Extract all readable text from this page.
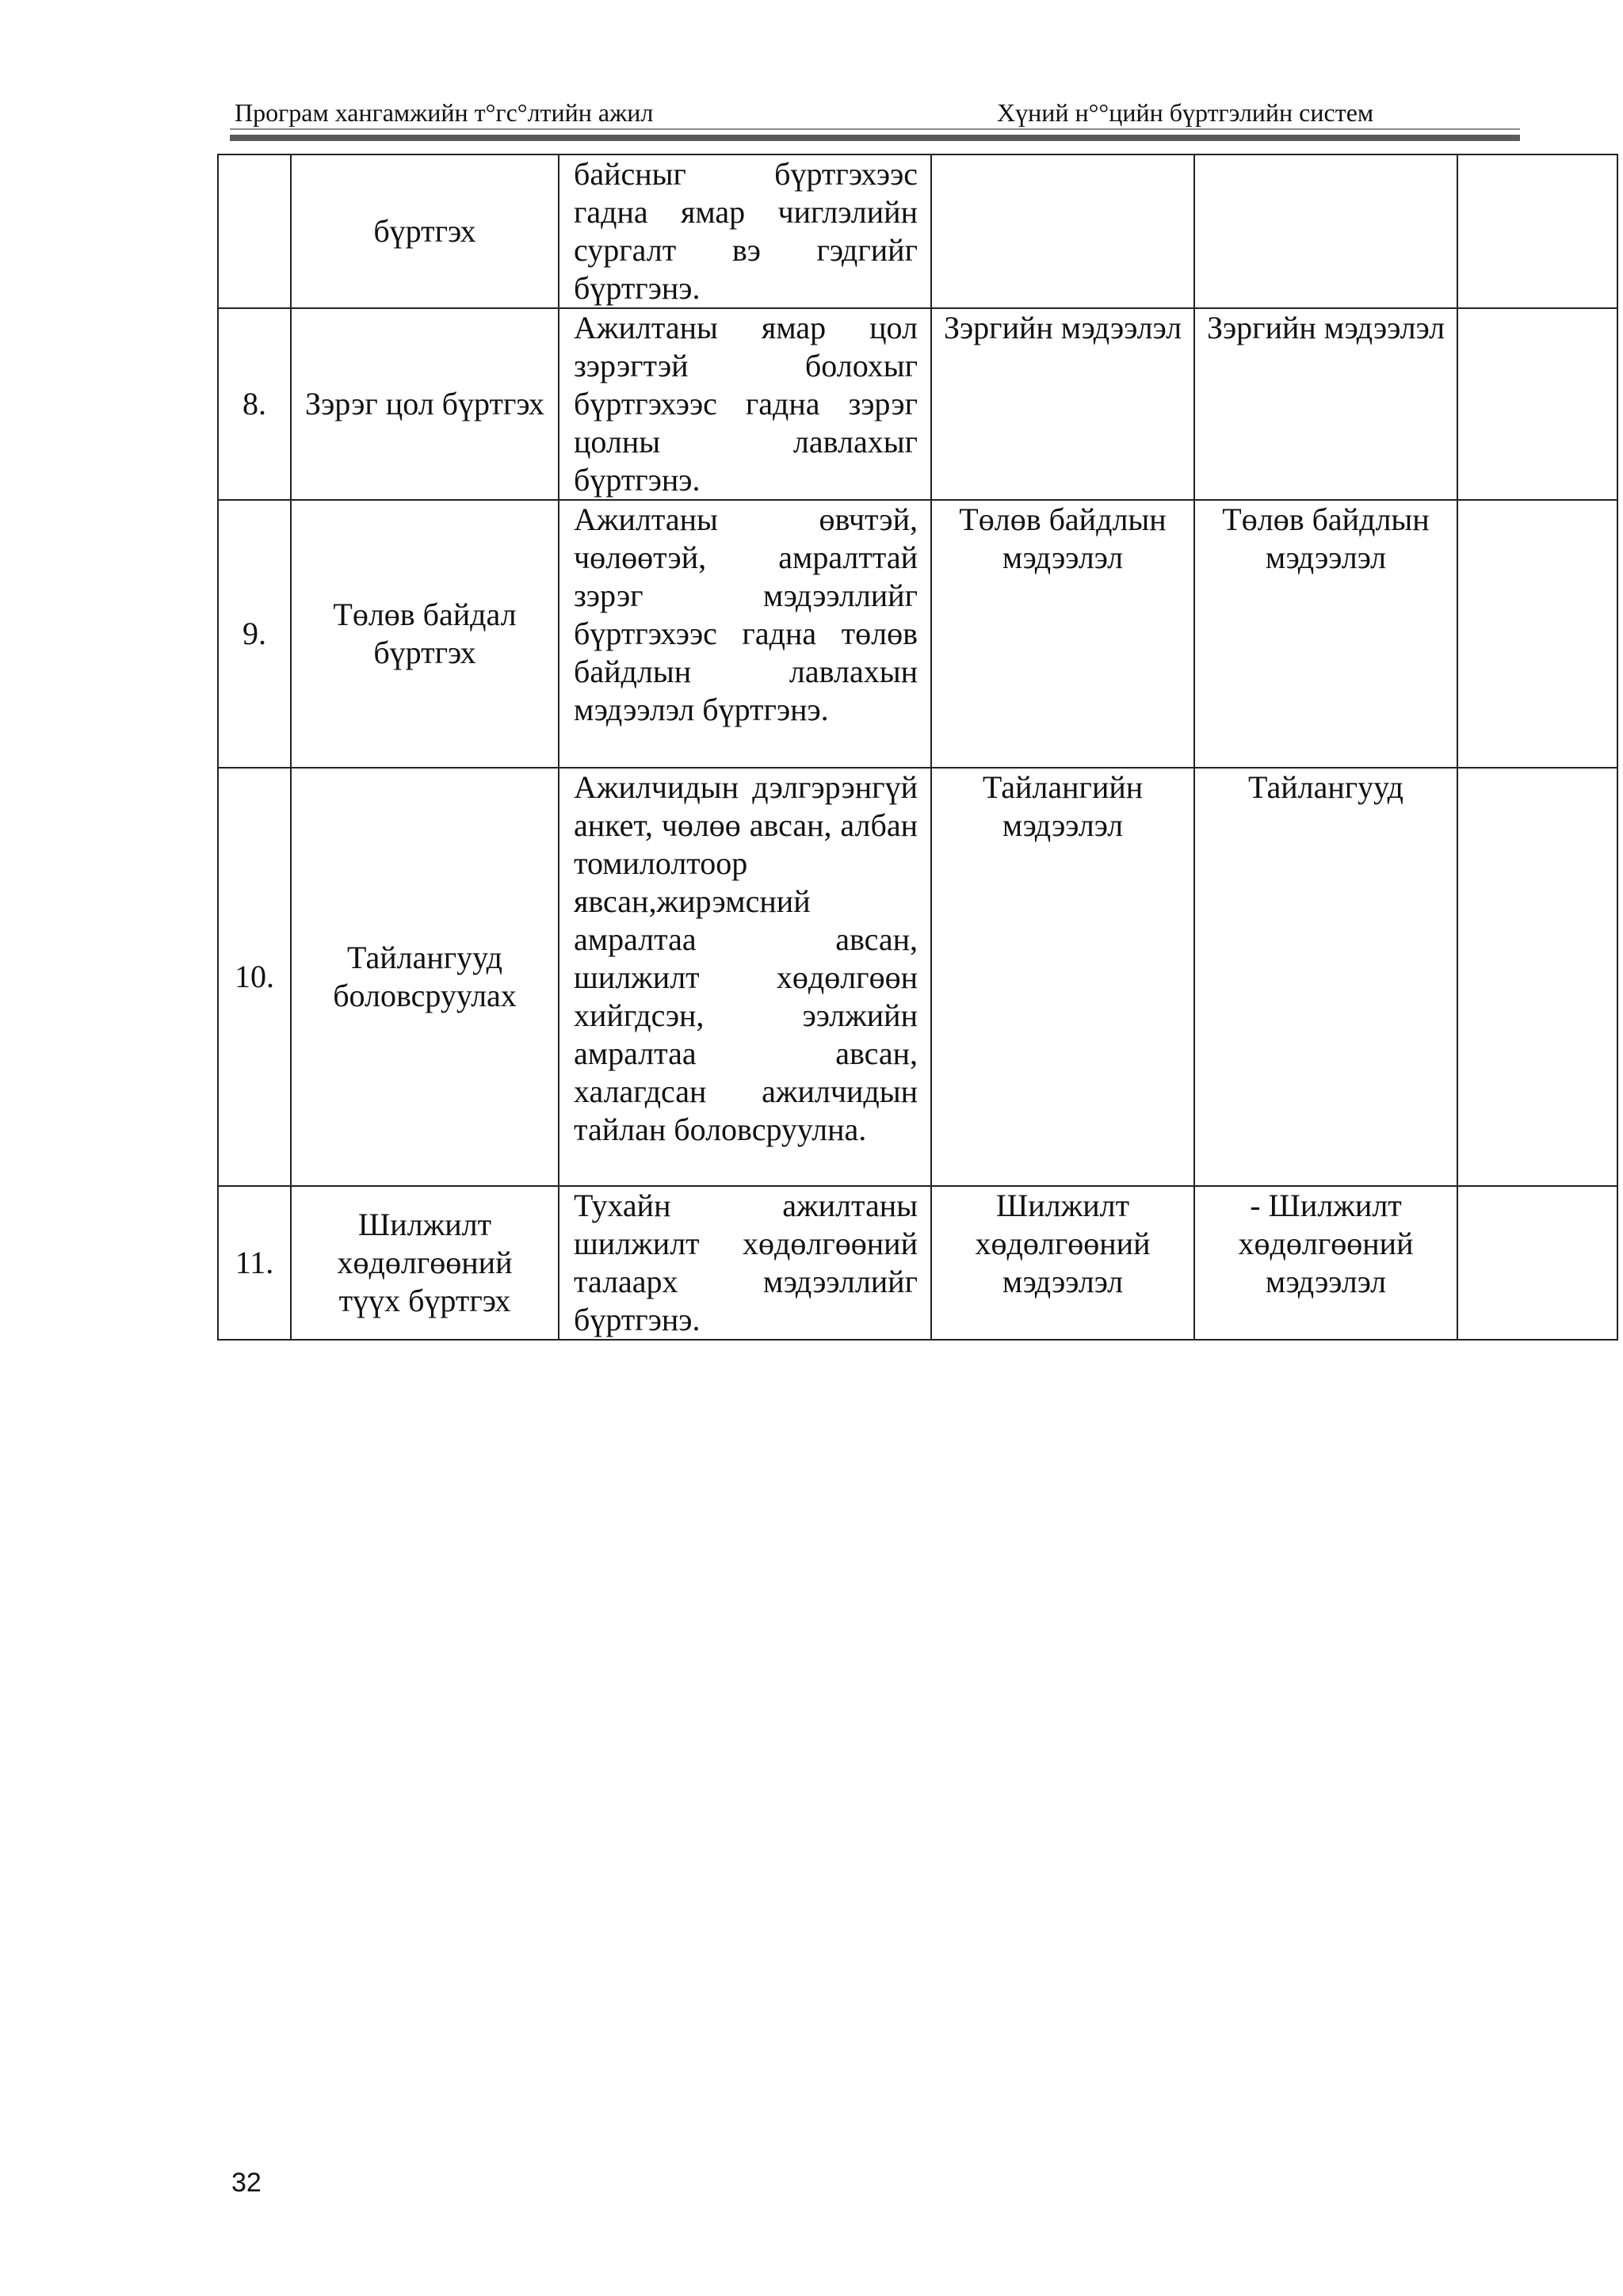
Програм хангамжийн т°гс°лтийн ажил	Хүний н°°цийн бүртгэлийн систем
	бүртгэх	байсныг бүртгэхээс гадна ямар чиглэлийн сургалт вэ гэдгийг бүртгэнэ.			
8.	Зэрэг цол бүртгэх	Ажилтаны ямар цол зэрэгтэй болохыг бүртгэхээс гадна зэрэг цолны лавлахыг бүртгэнэ.	Зэргийн мэдээлэл	Зэргийн мэдээлэл	
9.	Төлөв байдал бүртгэх	Ажилтаны өвчтэй, чөлөөтэй, амралттай зэрэг мэдээллийг бүртгэхээс гадна төлөв байдлын лавлахын мэдээлэл бүртгэнэ.	Төлөв байдлын мэдээлэл	Төлөв байдлын мэдээлэл	
10.	Тайлангууд боловсруулах	Ажилчидын дэлгэрэнгүй анкет, чөлөө авсан, албан томилолтоор явсан,жирэмсний амралтаа авсан, шилжилт хөдөлгөөн хийгдсэн, ээлжийн амралтаа авсан, халагдсан ажилчидын тайлан боловсруулна.	Тайлангийн мэдээлэл	Тайлангууд	
11.	Шилжилт хөдөлгөөний түүх бүртгэх	Тухайн ажилтаны шилжилт хөдөлгөөний талаарх мэдээллийг бүртгэнэ.	Шилжилт хөдөлгөөний мэдээлэл	- Шилжилт хөдөлгөөний мэдээлэл	
32
